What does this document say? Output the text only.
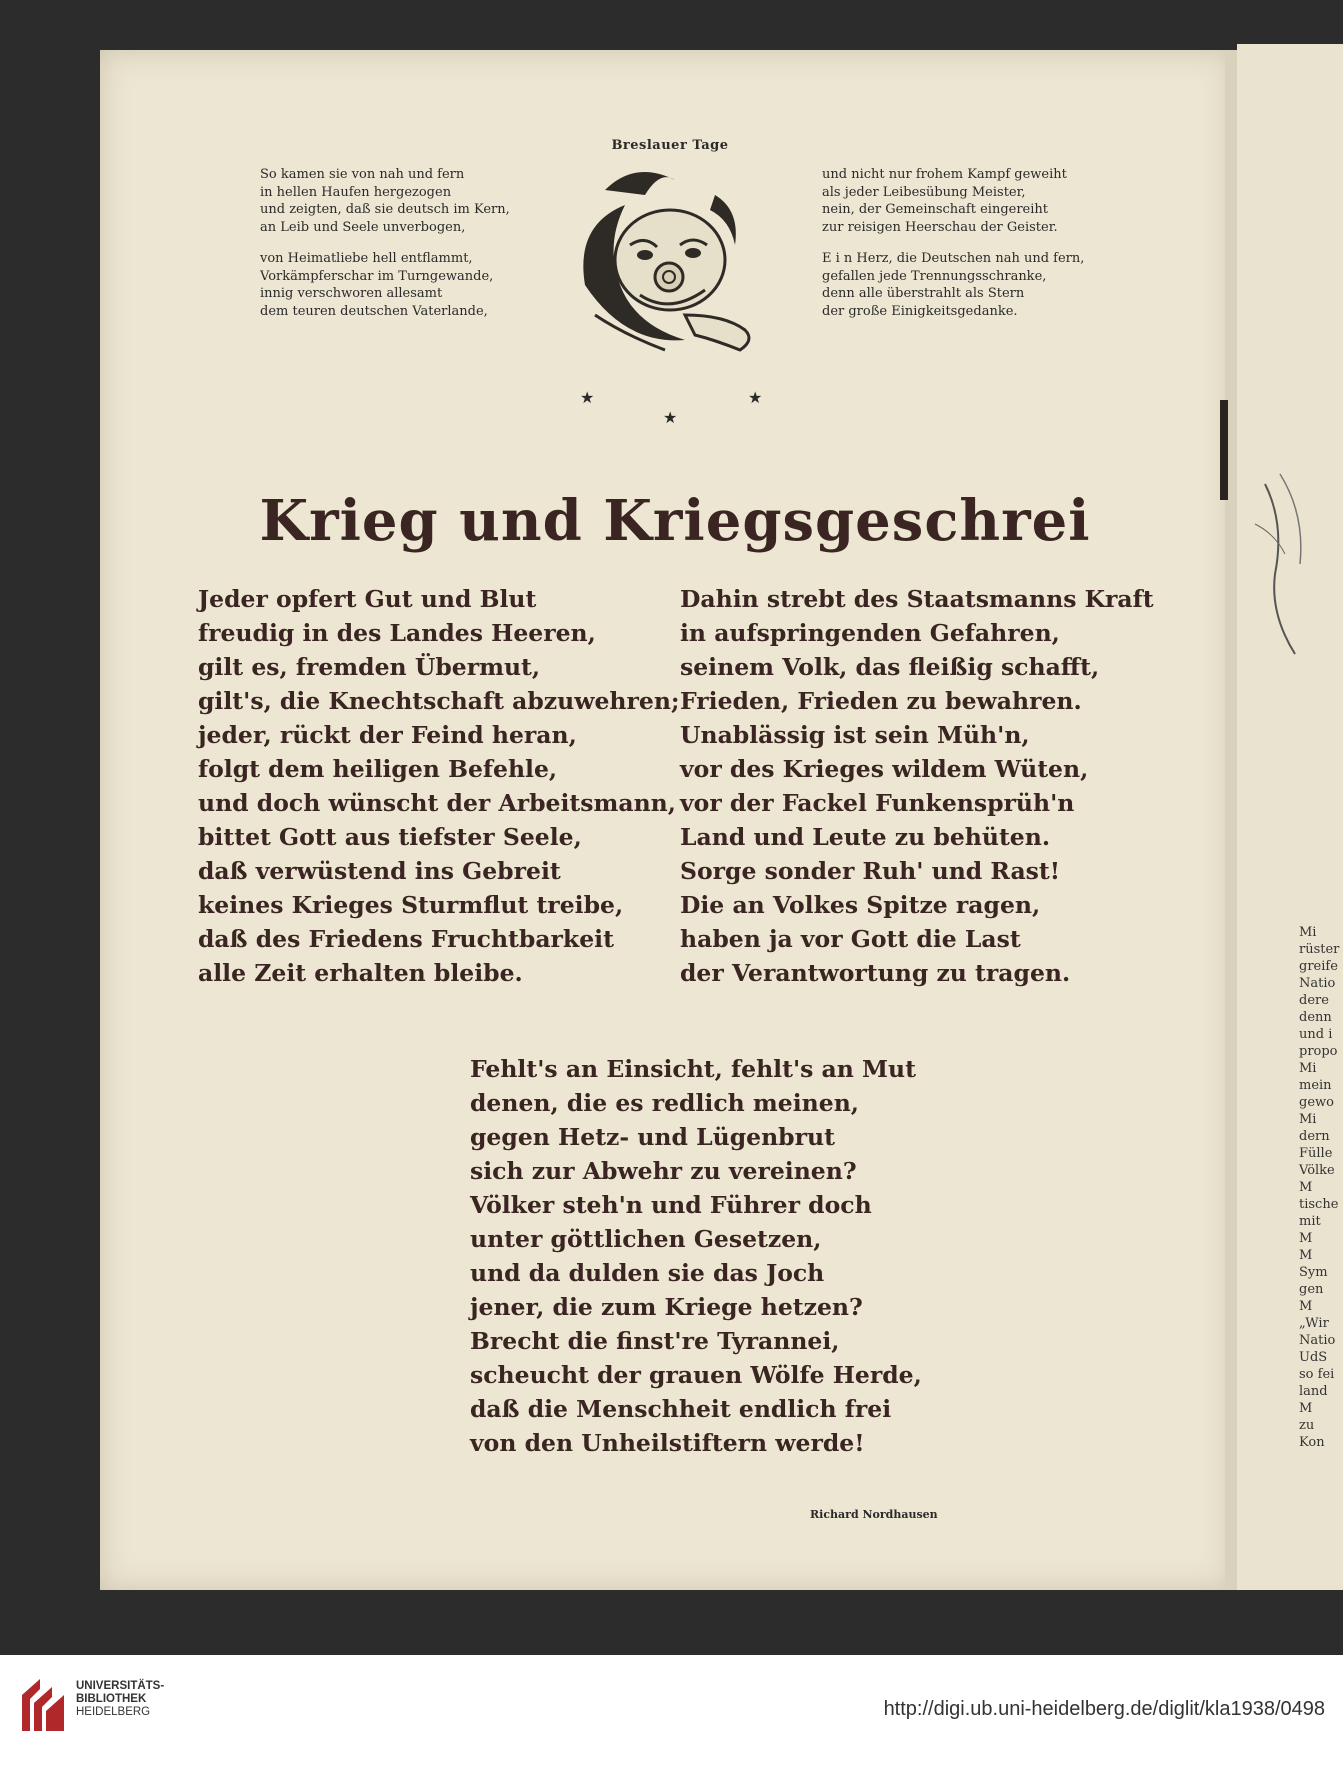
Mi
rüster
greife
Natio
dere
denn
und i
propo
Mi
mein
gewo
Mi
dern
Fülle
Völke
M
tische
mit
M
M
Sym
gen
M
„Wir
Natio
UdS
so fei
land
M
zu
Kon
Breslauer Tage
So kamen sie von nah und fern
in hellen Haufen hergezogen
und zeigten, daß sie deutsch im Kern,
an Leib und Seele unverbogen,
von Heimatliebe hell entflammt,
Vorkämpferschar im Turngewande,
innig verschworen allesamt
dem teuren deutschen Vaterlande,
und nicht nur frohem Kampf geweiht
als jeder Leibesübung Meister,
nein, der Gemeinschaft eingereiht
zur reisigen Heerschau der Geister.
E i n Herz, die Deutschen nah und fern,
gefallen jede Trennungsschranke,
denn alle überstrahlt als Stern
der große Einigkeitsgedanke.
★
★
★
Krieg und Kriegsgeschrei
Jeder opfert Gut und Blut
freudig in des Landes Heeren,
gilt es, fremden Übermut,
gilt's, die Knechtschaft abzuwehren;
jeder, rückt der Feind heran,
folgt dem heiligen Befehle,
und doch wünscht der Arbeitsmann,
bittet Gott aus tiefster Seele,
daß verwüstend ins Gebreit
keines Krieges Sturmflut treibe,
daß des Friedens Fruchtbarkeit
alle Zeit erhalten bleibe.
Dahin strebt des Staatsmanns Kraft
in aufspringenden Gefahren,
seinem Volk, das fleißig schafft,
Frieden, Frieden zu bewahren.
Unablässig ist sein Müh'n,
vor des Krieges wildem Wüten,
vor der Fackel Funkensprüh'n
Land und Leute zu behüten.
Sorge sonder Ruh' und Rast!
Die an Volkes Spitze ragen,
haben ja vor Gott die Last
der Verantwortung zu tragen.
Fehlt's an Einsicht, fehlt's an Mut
denen, die es redlich meinen,
gegen Hetz- und Lügenbrut
sich zur Abwehr zu vereinen?
Völker steh'n und Führer doch
unter göttlichen Gesetzen,
und da dulden sie das Joch
jener, die zum Kriege hetzen?
Brecht die finst're Tyrannei,
scheucht der grauen Wölfe Herde,
daß die Menschheit endlich frei
von den Unheilstiftern werde!
Richard Nordhausen
UNIVERSITÄTS-
BIBLIOTHEK
HEIDELBERG	http://digi.ub.uni-heidelberg.de/diglit/kla1938/0498
